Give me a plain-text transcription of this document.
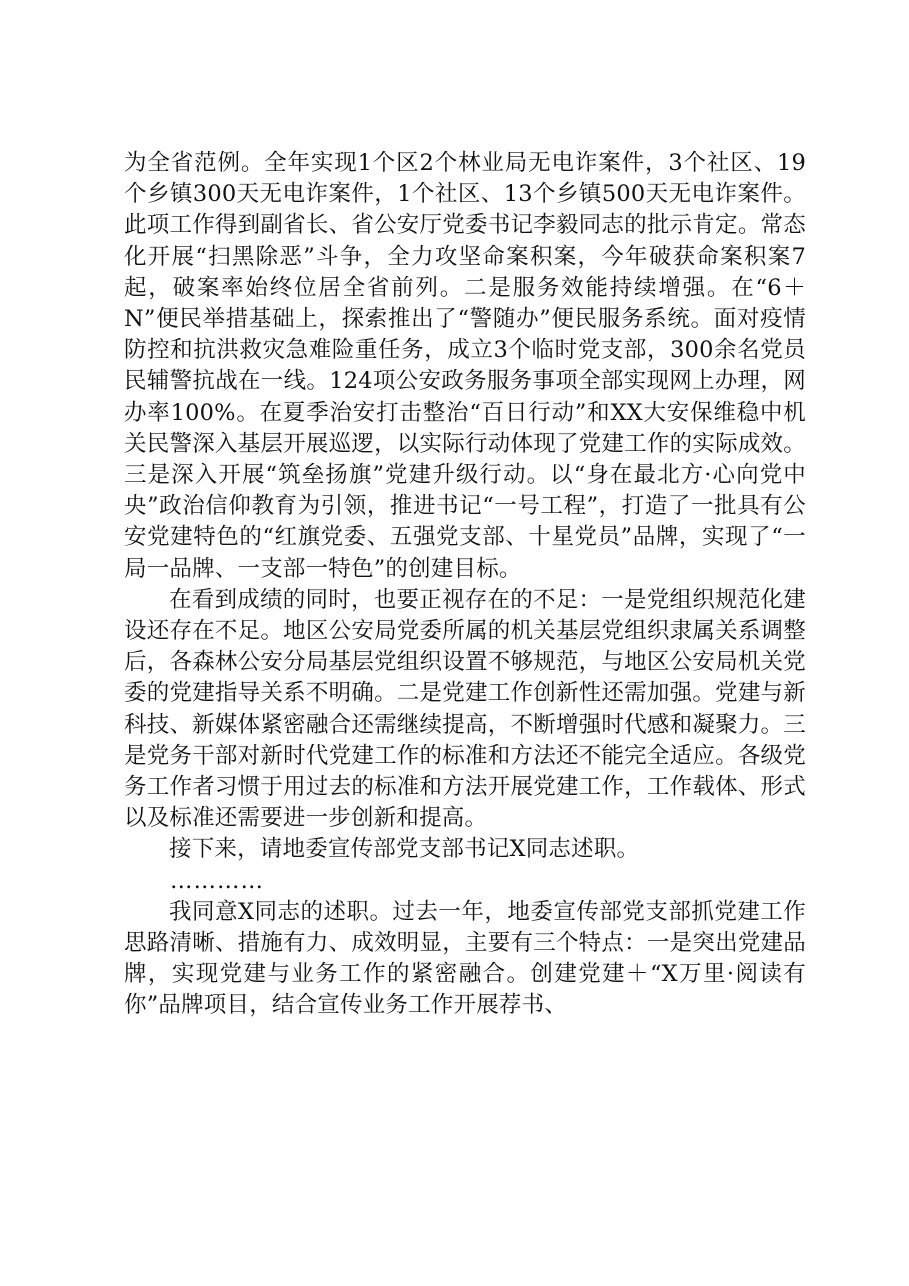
为全省范例。全年实现1个区2个林业局无电诈案件，3个社区、19个乡镇300天无电诈案件，1个社区、13个乡镇500天无电诈案件。此项工作得到副省长、省公安厅党委书记李毅同志的批示肯定。常态化开展“扫黑除恶”斗争，全力攻坚命案积案，今年破获命案积案7起，破案率始终位居全省前列。二是服务效能持续增强。在“6＋N”便民举措基础上，探索推出了“警随办”便民服务系统。面对疫情防控和抗洪救灾急难险重任务，成立3个临时党支部，300余名党员民辅警抗战在一线。124项公安政务服务事项全部实现网上办理，网办率100%。在夏季治安打击整治“百日行动”和XX大安保维稳中机关民警深入基层开展巡逻，以实际行动体现了党建工作的实际成效。三是深入开展“筑垒扬旗”党建升级行动。以“身在最北方·心向党中央”政治信仰教育为引领，推进书记“一号工程”，打造了一批具有公安党建特色的“红旗党委、五强党支部、十星党员”品牌，实现了“一局一品牌、一支部一特色”的创建目标。

在看到成绩的同时，也要正视存在的不足：一是党组织规范化建设还存在不足。地区公安局党委所属的机关基层党组织隶属关系调整后，各森林公安分局基层党组织设置不够规范，与地区公安局机关党委的党建指导关系不明确。二是党建工作创新性还需加强。党建与新科技、新媒体紧密融合还需继续提高，不断增强时代感和凝聚力。三是党务干部对新时代党建工作的标准和方法还不能完全适应。各级党务工作者习惯于用过去的标准和方法开展党建工作，工作载体、形式以及标准还需要进一步创新和提高。

接下来，请地委宣传部党支部书记X同志述职。

…………

我同意X同志的述职。过去一年，地委宣传部党支部抓党建工作思路清晰、措施有力、成效明显，主要有三个特点：一是突出党建品牌，实现党建与业务工作的紧密融合。创建党建＋“X万里·阅读有你”品牌项目，结合宣传业务工作开展荐书、
